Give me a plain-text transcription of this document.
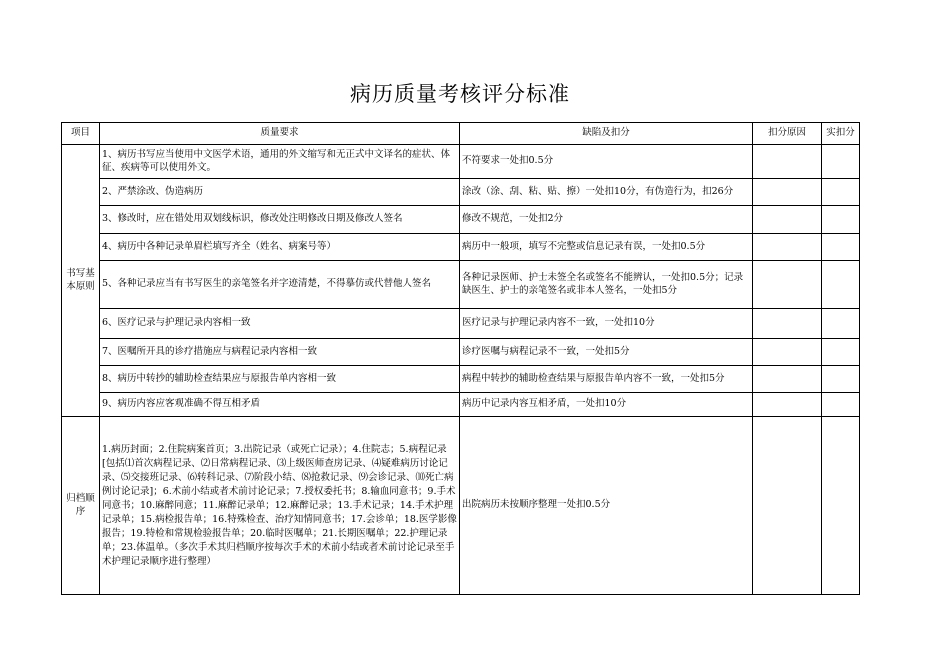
病历质量考核评分标准
项目	质量要求	缺陷及扣分	扣分原因	实扣分
书写基本原则	1、病历书写应当使用中文医学术语，通用的外文缩写和无正式中文译名的症状、体征、疾病等可以使用外文。	不符要求一处扣0.5分		
	2、严禁涂改、伪造病历	涂改（涂、刮、粘、贴、擦）一处扣10分，有伪造行为，扣26分		
	3、修改时，应在错处用双划线标识，修改处注明修改日期及修改人签名	修改不规范，一处扣2分		
	4、病历中各种记录单眉栏填写齐全（姓名、病案号等）	病历中一般项，填写不完整或信息记录有误，一处扣0.5分		
	5、各种记录应当有书写医生的亲笔签名并字迹清楚，不得摹仿或代替他人签名	各种记录医师、护士未签全名或签名不能辨认，一处扣0.5分；记录缺医生、护士的亲笔签名或非本人签名，一处扣5分		
	6、医疗记录与护理记录内容相一致	医疗记录与护理记录内容不一致，一处扣10分		
	7、医嘱所开具的诊疗措施应与病程记录内容相一致	诊疗医嘱与病程记录不一致，一处扣5分		
	8、病历中转抄的辅助检查结果应与原报告单内容相一致	病程中转抄的辅助检查结果与原报告单内容不一致，一处扣5分		
	9、病历内容应客观准确不得互相矛盾	病历中记录内容互相矛盾，一处扣10分		
归档顺序	1.病历封面；2.住院病案首页；3.出院记录（或死亡记录）；4.住院志；5.病程记录[包括⑴首次病程记录、⑵日常病程记录、⑶上级医师查房记录、⑷疑难病历讨论记录、⑸交接班记录、⑹转科记录、⑺阶段小结、⑻抢救记录、⑼会诊记录、⑽死亡病例讨论记录]；6.术前小结或者术前讨论记录；7.授权委托书；8.输血同意书；9.手术同意书；10.麻醉同意；11.麻醉记录单；12.麻醉记录；13.手术记录；14.手术护理记录单；15.病检报告单；16.特殊检查、治疗知情同意书；17.会诊单；18.医学影像报告；19.特检和常规检验报告单；20.临时医嘱单；21.长期医嘱单；22.护理记录单；23.体温单。（多次手术其归档顺序按每次手术的术前小结或者术前讨论记录至手术护理记录顺序进行整理）	出院病历未按顺序整理一处扣0.5分		
